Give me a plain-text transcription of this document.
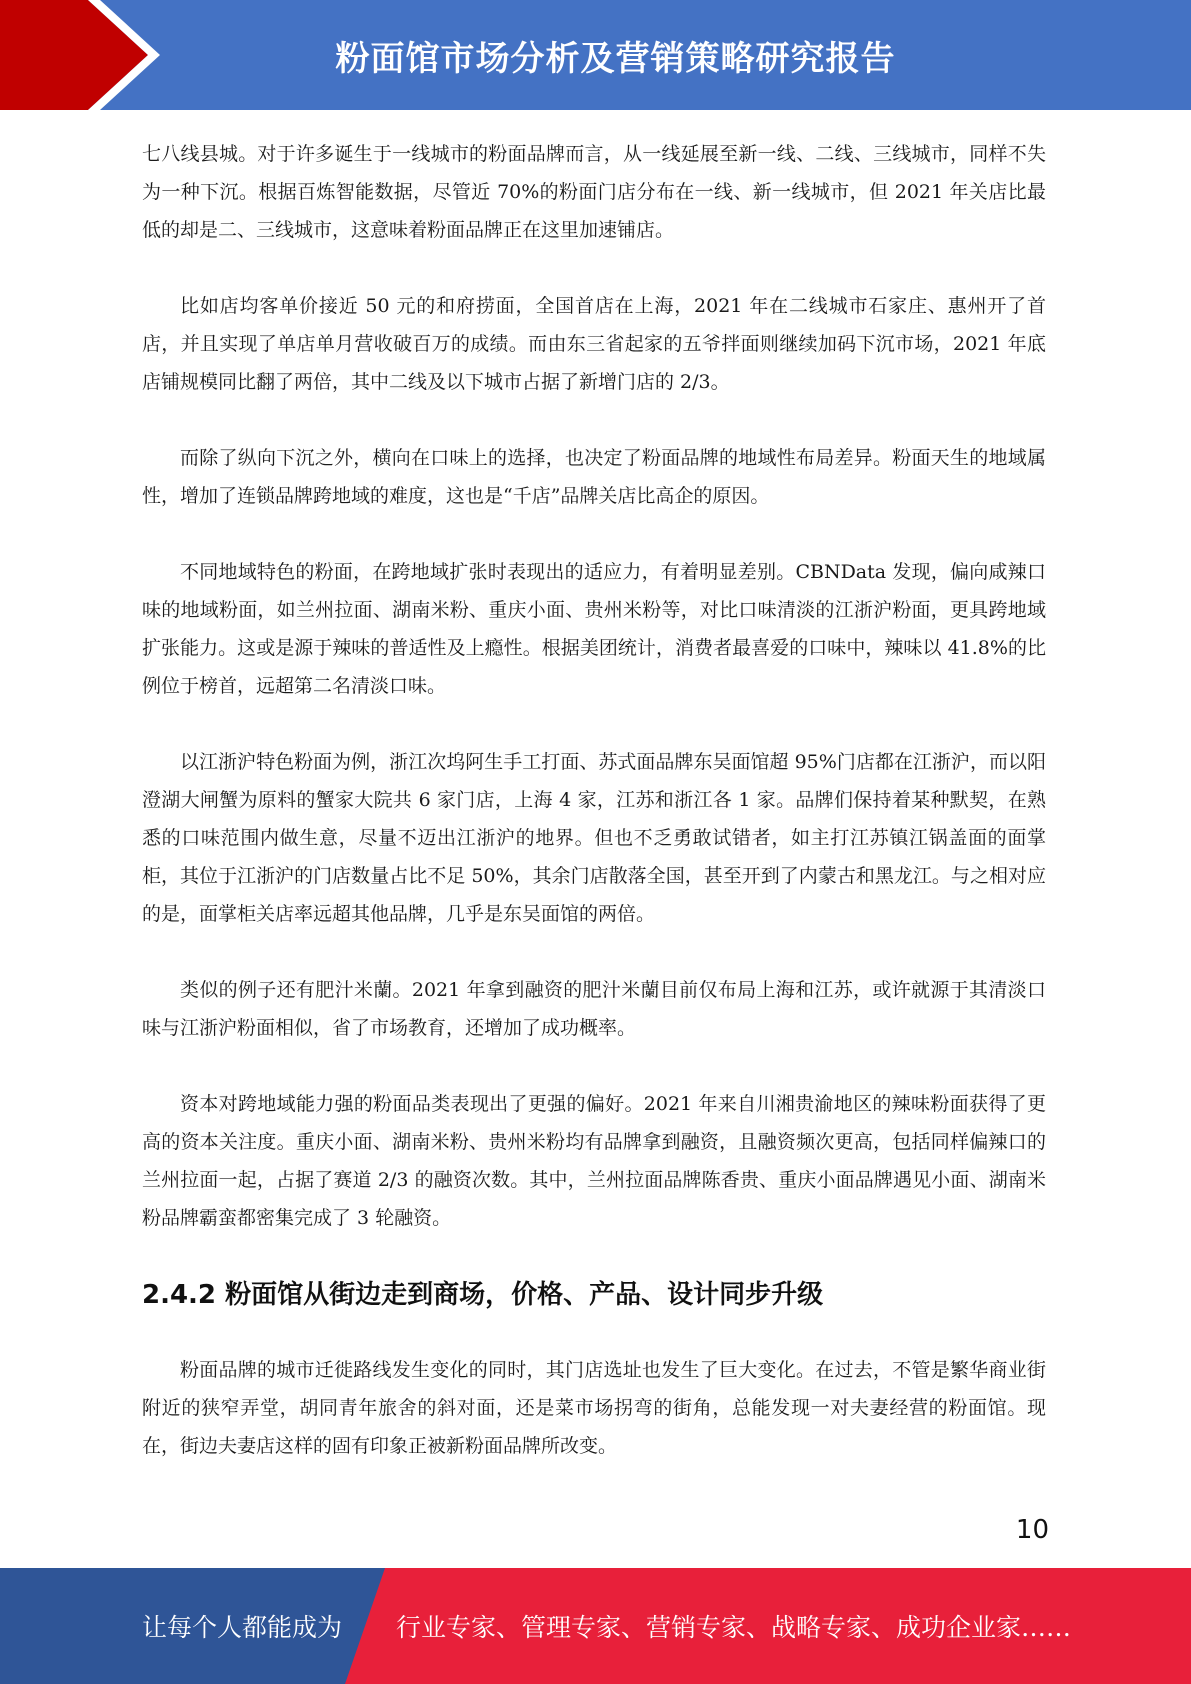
粉面馆市场分析及营销策略研究报告

七八线县城。对于许多诞生于一线城市的粉面品牌而言，从一线延展至新一线、二线、三线城市，同样不失为一种下沉。根据百炼智能数据，尽管近 70%的粉面门店分布在一线、新一线城市，但 2021 年关店比最低的却是二、三线城市，这意味着粉面品牌正在这里加速铺店。

比如店均客单价接近 50 元的和府捞面，全国首店在上海，2021 年在二线城市石家庄、惠州开了首店，并且实现了单店单月营收破百万的成绩。而由东三省起家的五爷拌面则继续加码下沉市场，2021 年底店铺规模同比翻了两倍，其中二线及以下城市占据了新增门店的 2/3。

而除了纵向下沉之外，横向在口味上的选择，也决定了粉面品牌的地域性布局差异。粉面天生的地域属性，增加了连锁品牌跨地域的难度，这也是“千店”品牌关店比高企的原因。

不同地域特色的粉面，在跨地域扩张时表现出的适应力，有着明显差别。CBNData 发现，偏向咸辣口味的地域粉面，如兰州拉面、湖南米粉、重庆小面、贵州米粉等，对比口味清淡的江浙沪粉面，更具跨地域扩张能力。这或是源于辣味的普适性及上瘾性。根据美团统计，消费者最喜爱的口味中，辣味以 41.8%的比例位于榜首，远超第二名清淡口味。

以江浙沪特色粉面为例，浙江次坞阿生手工打面、苏式面品牌东吴面馆超 95%门店都在江浙沪，而以阳澄湖大闸蟹为原料的蟹家大院共 6 家门店，上海 4 家，江苏和浙江各 1 家。品牌们保持着某种默契，在熟悉的口味范围内做生意，尽量不迈出江浙沪的地界。但也不乏勇敢试错者，如主打江苏镇江锅盖面的面掌柜，其位于江浙沪的门店数量占比不足 50%，其余门店散落全国，甚至开到了内蒙古和黑龙江。与之相对应的是，面掌柜关店率远超其他品牌，几乎是东吴面馆的两倍。

类似的例子还有肥汁米蘭。2021 年拿到融资的肥汁米蘭目前仅布局上海和江苏，或许就源于其清淡口味与江浙沪粉面相似，省了市场教育，还增加了成功概率。

资本对跨地域能力强的粉面品类表现出了更强的偏好。2021 年来自川湘贵渝地区的辣味粉面获得了更高的资本关注度。重庆小面、湖南米粉、贵州米粉均有品牌拿到融资，且融资频次更高，包括同样偏辣口的兰州拉面一起，占据了赛道 2/3 的融资次数。其中，兰州拉面品牌陈香贵、重庆小面品牌遇见小面、湖南米粉品牌霸蛮都密集完成了 3 轮融资。

2.4.2 粉面馆从街边走到商场，价格、产品、设计同步升级

粉面品牌的城市迁徙路线发生变化的同时，其门店选址也发生了巨大变化。在过去，不管是繁华商业街附近的狭窄弄堂，胡同青年旅舍的斜对面，还是菜市场拐弯的街角，总能发现一对夫妻经营的粉面馆。现在，街边夫妻店这样的固有印象正被新粉面品牌所改变。

10
让每个人都能成为 行业专家、管理专家、营销专家、战略专家、成功企业家……
